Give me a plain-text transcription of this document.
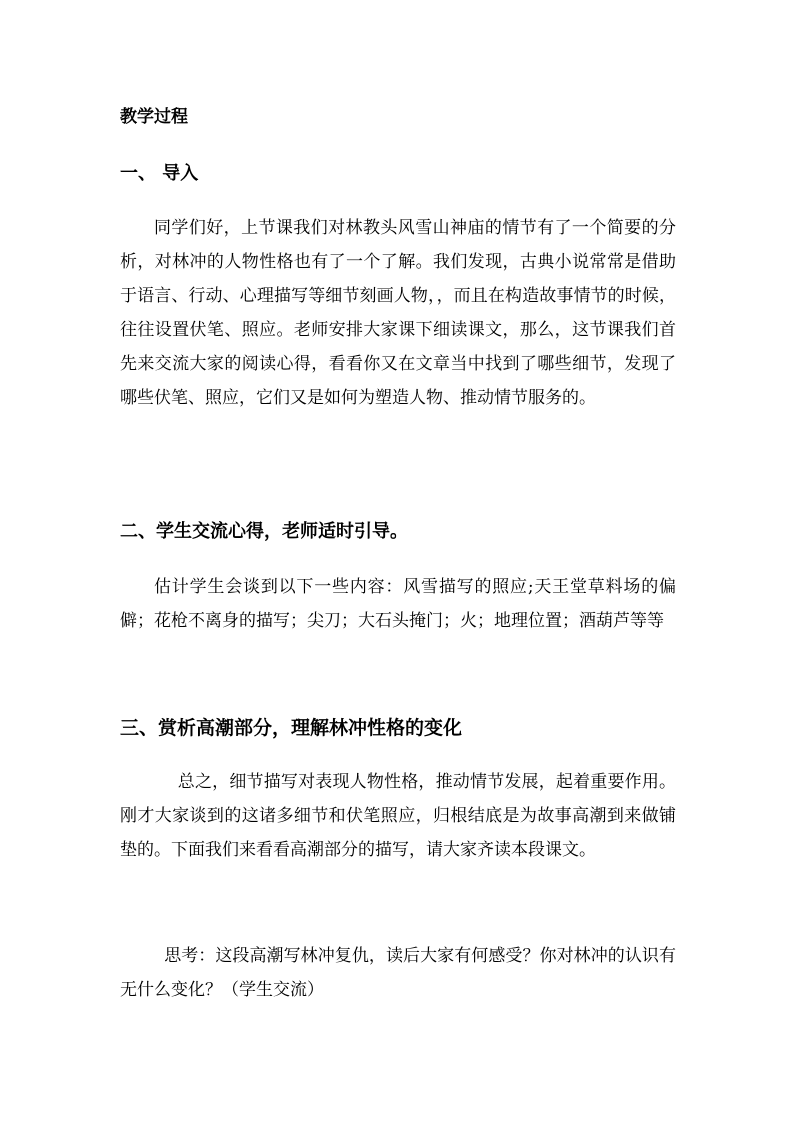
教学过程
一、 导入

同学们好，上节课我们对林教头风雪山神庙的情节有了一个简要的分析，对林冲的人物性格也有了一个了解。我们发现，古典小说常常是借助于语言、行动、心理描写等细节刻画人物，，而且在构造故事情节的时候，往往设置伏笔、照应。老师安排大家课下细读课文，那么，这节课我们首先来交流大家的阅读心得，看看你又在文章当中找到了哪些细节，发现了哪些伏笔、照应，它们又是如何为塑造人物、推动情节服务的。

二、学生交流心得，老师适时引导。

估计学生会谈到以下一些内容：风雪描写的照应;天王堂草料场的偏僻；花枪不离身的描写；尖刀；大石头掩门；火；地理位置；酒葫芦等等

三、赏析高潮部分，理解林冲性格的变化

总之，细节描写对表现人物性格，推动情节发展，起着重要作用。刚才大家谈到的这诸多细节和伏笔照应，归根结底是为故事高潮到来做铺垫的。下面我们来看看高潮部分的描写，请大家齐读本段课文。

思考：这段高潮写林冲复仇，读后大家有何感受？你对林冲的认识有无什么变化？（学生交流）
